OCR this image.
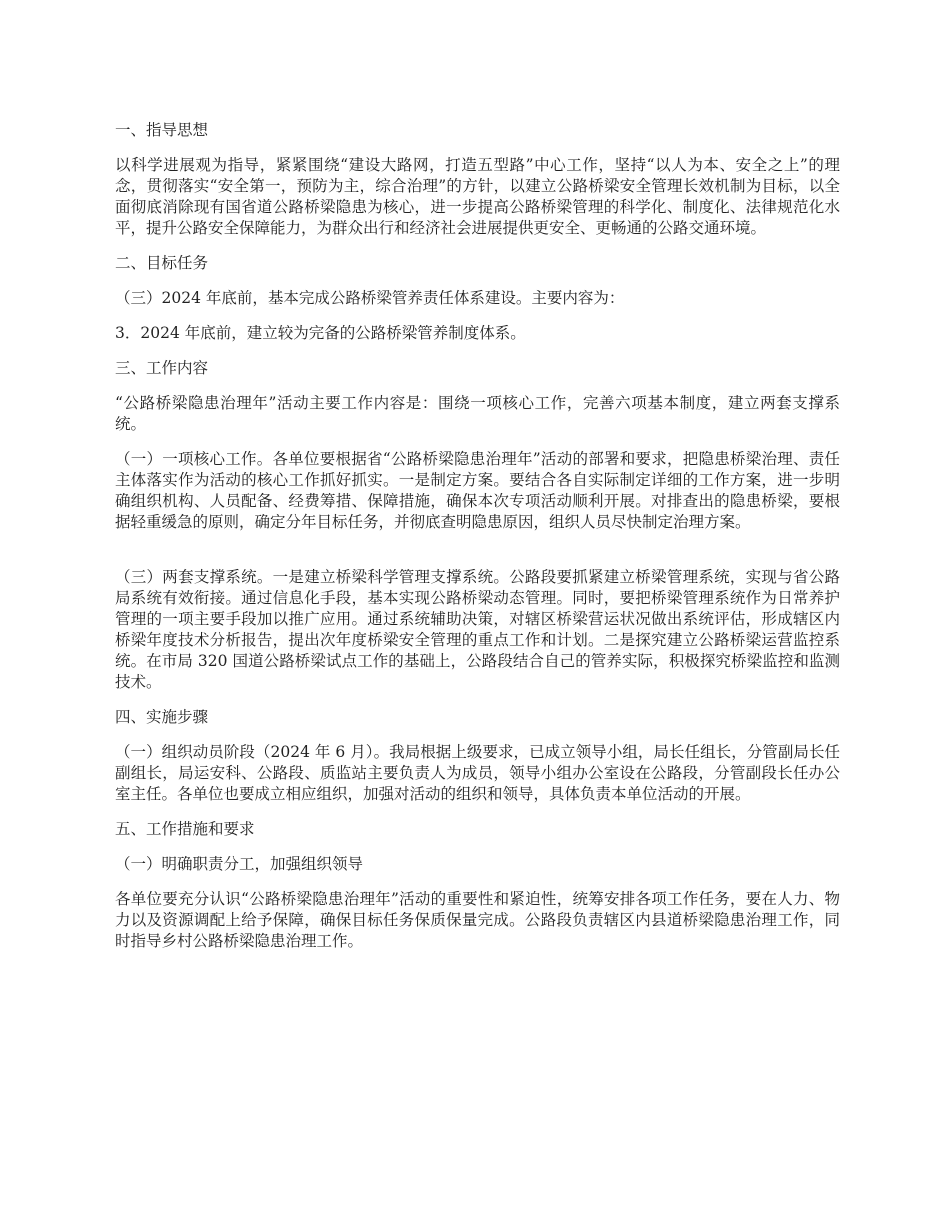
一、指导思想

以科学进展观为指导，紧紧围绕“建设大路网，打造五型路”中心工作，坚持“以人为本、安全之上”的理念，贯彻落实“安全第一，预防为主，综合治理”的方针，以建立公路桥梁安全管理长效机制为目标，以全面彻底消除现有国省道公路桥梁隐患为核心，进一步提高公路桥梁管理的科学化、制度化、法律规范化水平，提升公路安全保障能力，为群众出行和经济社会进展提供更安全、更畅通的公路交通环境。

二、目标任务

（三）2024 年底前，基本完成公路桥梁管养责任体系建设。主要内容为：

3．2024 年底前，建立较为完备的公路桥梁管养制度体系。

三、工作内容

“公路桥梁隐患治理年”活动主要工作内容是：围绕一项核心工作，完善六项基本制度，建立两套支撑系统。

（一）一项核心工作。各单位要根据省“公路桥梁隐患治理年”活动的部署和要求，把隐患桥梁治理、责任主体落实作为活动的核心工作抓好抓实。一是制定方案。要结合各自实际制定详细的工作方案，进一步明确组织机构、人员配备、经费筹措、保障措施，确保本次专项活动顺利开展。对排查出的隐患桥梁，要根据轻重缓急的原则，确定分年目标任务，并彻底查明隐患原因，组织人员尽快制定治理方案。

（三）两套支撑系统。一是建立桥梁科学管理支撑系统。公路段要抓紧建立桥梁管理系统，实现与省公路局系统有效衔接。通过信息化手段，基本实现公路桥梁动态管理。同时，要把桥梁管理系统作为日常养护管理的一项主要手段加以推广应用。通过系统辅助决策，对辖区桥梁营运状况做出系统评估，形成辖区内桥梁年度技术分析报告，提出次年度桥梁安全管理的重点工作和计划。二是探究建立公路桥梁运营监控系统。在市局 320 国道公路桥梁试点工作的基础上，公路段结合自己的管养实际，积极探究桥梁监控和监测技术。

四、实施步骤

（一）组织动员阶段（2024 年 6 月）。我局根据上级要求，已成立领导小组，局长任组长，分管副局长任副组长，局运安科、公路段、质监站主要负责人为成员，领导小组办公室设在公路段，分管副段长任办公室主任。各单位也要成立相应组织，加强对活动的组织和领导，具体负责本单位活动的开展。

五、工作措施和要求

（一）明确职责分工，加强组织领导

各单位要充分认识“公路桥梁隐患治理年”活动的重要性和紧迫性，统筹安排各项工作任务，要在人力、物力以及资源调配上给予保障，确保目标任务保质保量完成。公路段负责辖区内县道桥梁隐患治理工作，同时指导乡村公路桥梁隐患治理工作。
